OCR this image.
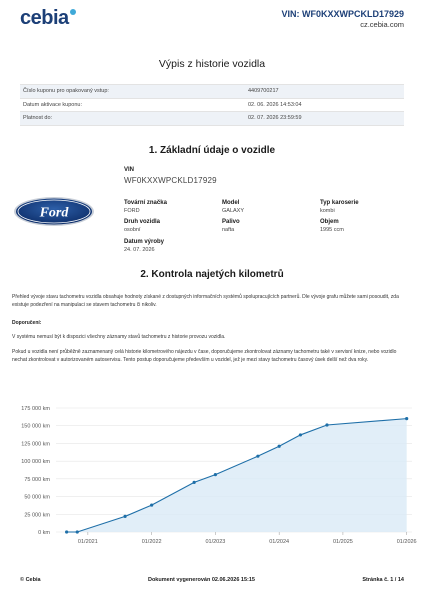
cebia	VIN: WF0KXXWPCKLD17929
cz.cebia.com
Výpis z historie vozidla
Číslo kuponu pro opakovaný vstup:	4409700217
Datum aktivace kuponu:	02. 06. 2026 14:53:04
Platnost do:	02. 07. 2026 23:59:59
1. Základní údaje o vozidle
VIN
WF0KXXWPCKLD17929
Ford
Tovární značka
FORD
Model
GALAXY
Typ karoserie
kombi
Druh vozidla
osobní
Palivo
nafta
Objem
1995 ccm
Datum výroby
24. 07. 2026
2. Kontrola najetých kilometrů

Přehled vývoje stavu tachometru vozidla obsahuje hodnoty získané z dostupných informačních systémů spolupracujících partnerů. Dle vývoje grafu můžete sami posoudit, zda existuje podezření na manipulaci se stavem tachometru či nikoliv.

Doporučení:

V systému nemusí být k dispozici všechny záznamy stavů tachometru z historie provozu vozidla.

Pokud u vozidla není průběžně zaznamenaný celá historie kilometrového nájezdu v čase, doporučujeme zkontrolovat záznamy tachometru také v servisní knize, nebo vozidlo nechat zkontrolovat v autorizovaném autoservisu. Tento postup doporučujeme především u vozidel, jež je mezi stavy tachometru časový úsek delší než dva roky.

0 km
25 000 km
50 000 km
75 000 km
100 000 km
125 000 km
150 000 km
175 000 km
01/2021	01/2022	01/2023	01/2024	01/2025	01/2026
© Cebia	Dokument vygenerován 02.06.2026 15:15	Stránka č. 1 / 14
